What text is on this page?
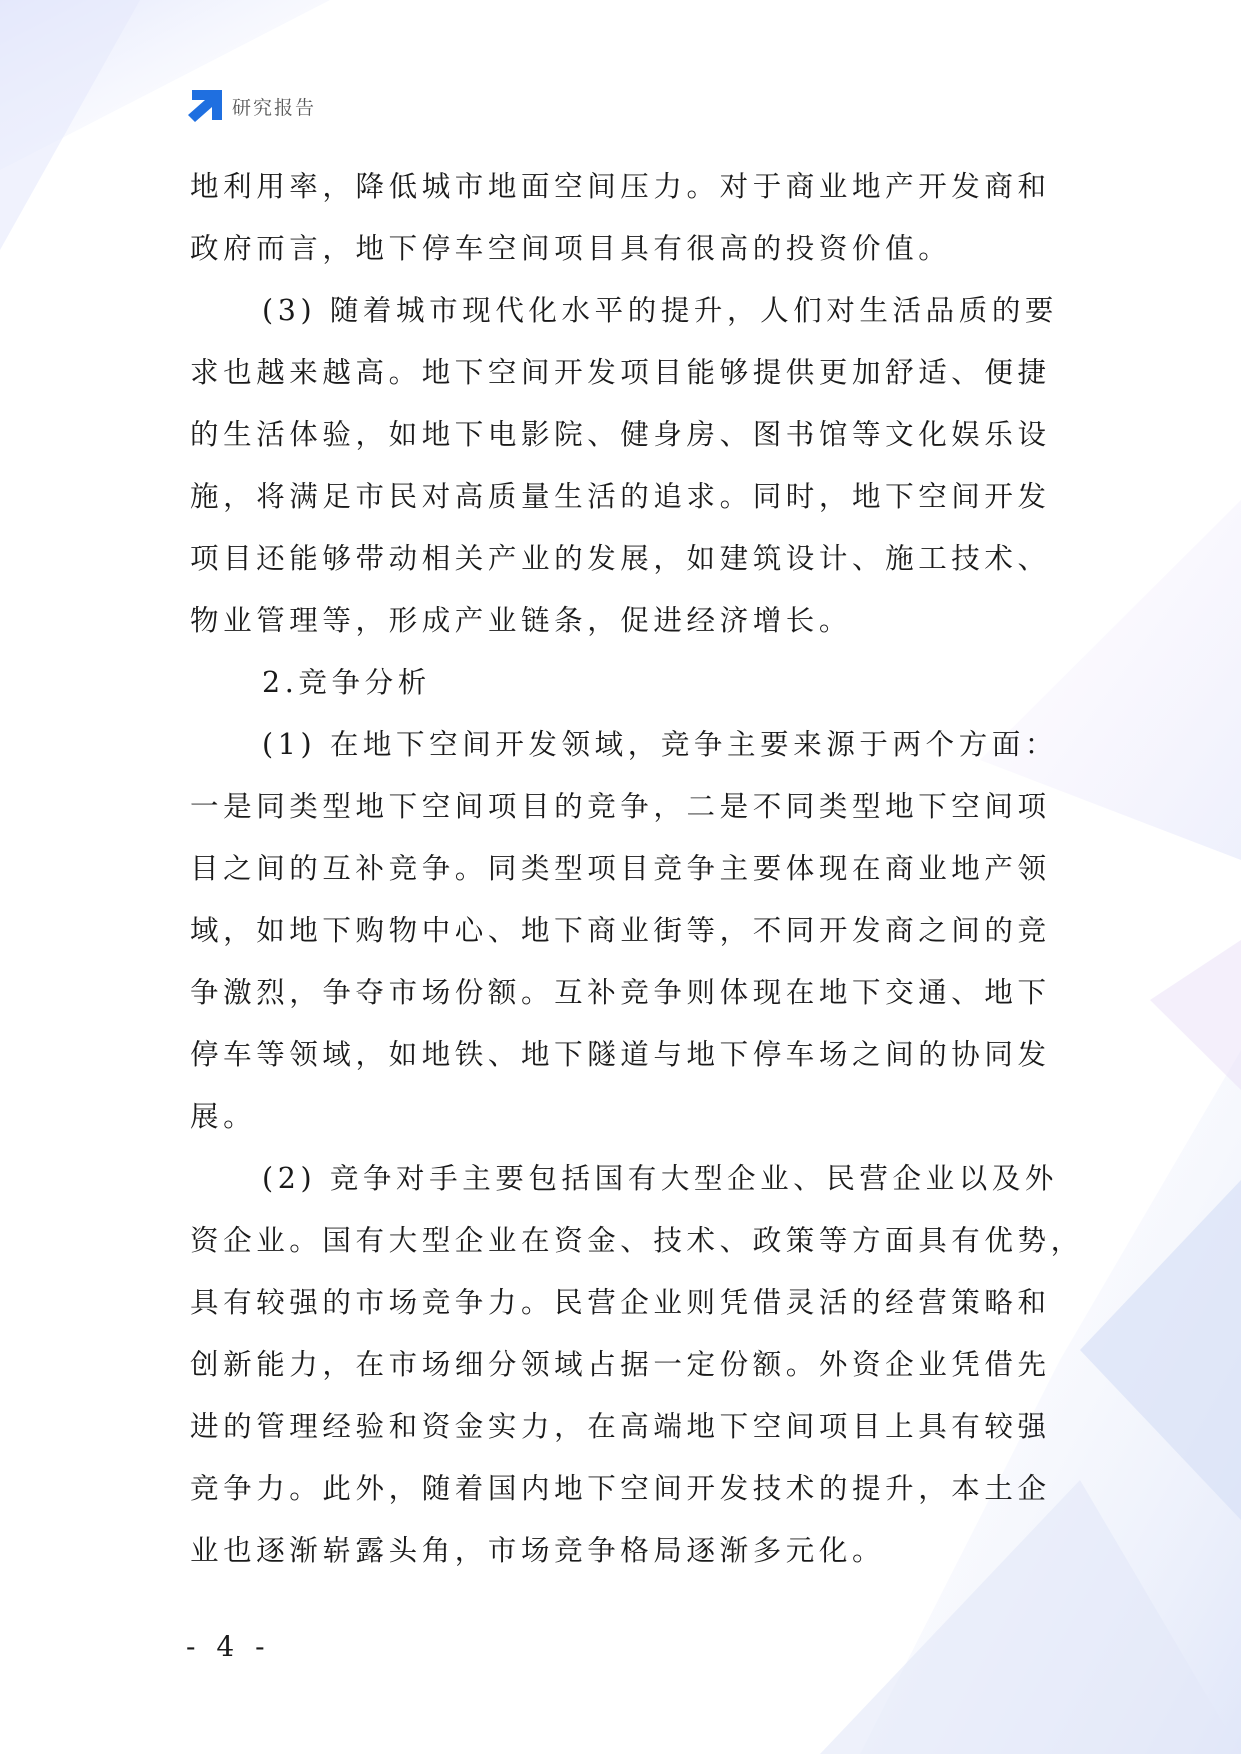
研究报告
地利用率，降低城市地面空间压力。对于商业地产开发商和
政府而言，地下停车空间项目具有很高的投资价值。
(3) 随着城市现代化水平的提升，人们对生活品质的要
求也越来越高。地下空间开发项目能够提供更加舒适、便捷
的生活体验，如地下电影院、健身房、图书馆等文化娱乐设
施，将满足市民对高质量生活的追求。同时，地下空间开发
项目还能够带动相关产业的发展，如建筑设计、施工技术、
物业管理等，形成产业链条，促进经济增长。
2.竞争分析
(1) 在地下空间开发领域，竞争主要来源于两个方面：
一是同类型地下空间项目的竞争，二是不同类型地下空间项
目之间的互补竞争。同类型项目竞争主要体现在商业地产领
域，如地下购物中心、地下商业街等，不同开发商之间的竞
争激烈，争夺市场份额。互补竞争则体现在地下交通、地下
停车等领域，如地铁、地下隧道与地下停车场之间的协同发
展。
(2) 竞争对手主要包括国有大型企业、民营企业以及外
资企业。国有大型企业在资金、技术、政策等方面具有优势，
具有较强的市场竞争力。民营企业则凭借灵活的经营策略和
创新能力，在市场细分领域占据一定份额。外资企业凭借先
进的管理经验和资金实力，在高端地下空间项目上具有较强
竞争力。此外，随着国内地下空间开发技术的提升，本土企
业也逐渐崭露头角，市场竞争格局逐渐多元化。
- 4 -
